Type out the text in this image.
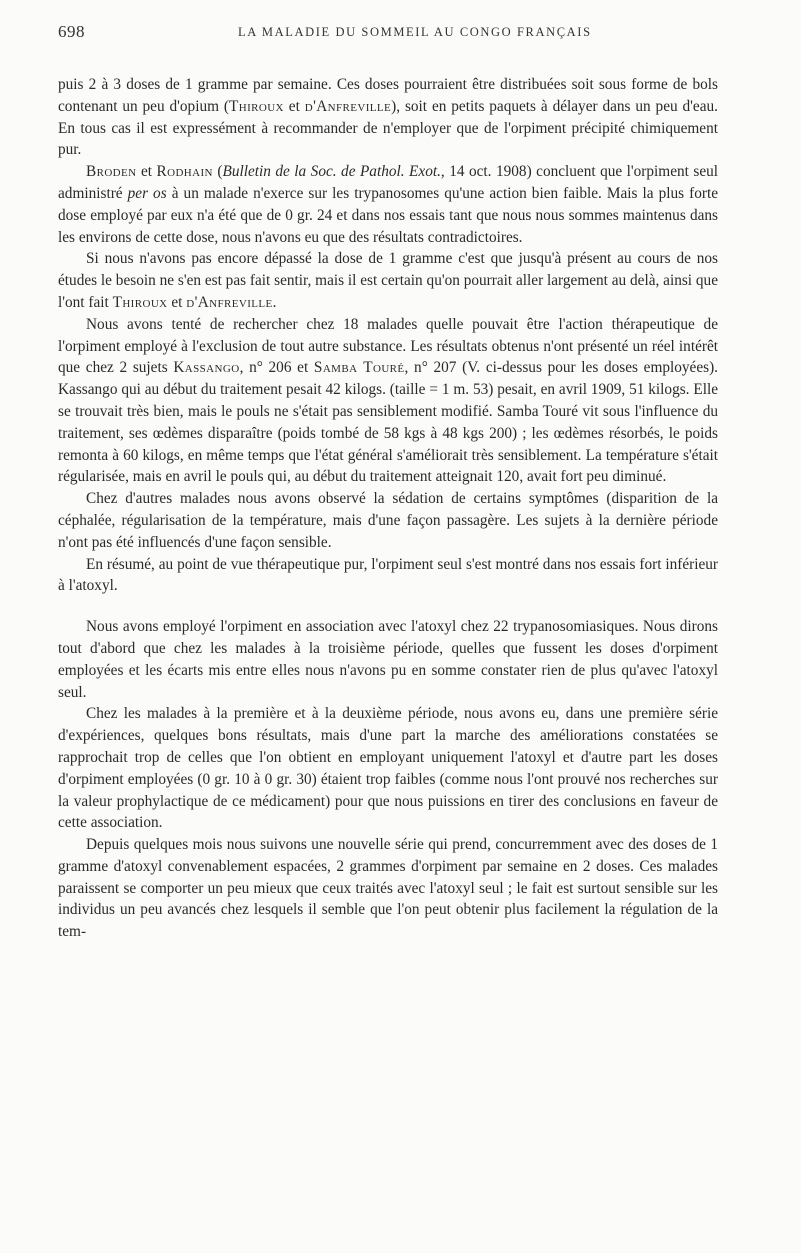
698	LA MALADIE DU SOMMEIL AU CONGO FRANÇAIS

puis 2 à 3 doses de 1 gramme par semaine. Ces doses pourraient être distribuées soit sous forme de bols contenant un peu d'opium (Thiroux et d'Anfreville), soit en petits paquets à délayer dans un peu d'eau. En tous cas il est expressément à recommander de n'employer que de l'orpiment précipité chimiquement pur.

Broden et Rodhain (Bulletin de la Soc. de Pathol. Exot., 14 oct. 1908) concluent que l'orpiment seul administré per os à un malade n'exerce sur les trypanosomes qu'une action bien faible. Mais la plus forte dose employé par eux n'a été que de 0 gr. 24 et dans nos essais tant que nous nous sommes maintenus dans les environs de cette dose, nous n'avons eu que des résultats contradictoires.

Si nous n'avons pas encore dépassé la dose de 1 gramme c'est que jusqu'à présent au cours de nos études le besoin ne s'en est pas fait sentir, mais il est certain qu'on pourrait aller largement au delà, ainsi que l'ont fait Thiroux et d'Anfreville.

Nous avons tenté de rechercher chez 18 malades quelle pouvait être l'action thérapeutique de l'orpiment employé à l'exclusion de tout autre substance. Les résultats obtenus n'ont présenté un réel intérêt que chez 2 sujets Kassango, n° 206 et Samba Touré, n° 207 (V. ci-dessus pour les doses employées). Kassango qui au début du traitement pesait 42 kilogs. (taille = 1 m. 53) pesait, en avril 1909, 51 kilogs. Elle se trouvait très bien, mais le pouls ne s'était pas sensiblement modifié. Samba Touré vit sous l'influence du traitement, ses œdèmes disparaître (poids tombé de 58 kgs à 48 kgs 200) ; les œdèmes résorbés, le poids remonta à 60 kilogs, en même temps que l'état général s'améliorait très sensiblement. La température s'était régularisée, mais en avril le pouls qui, au début du traitement atteignait 120, avait fort peu diminué.

Chez d'autres malades nous avons observé la sédation de certains symptômes (disparition de la céphalée, régularisation de la température, mais d'une façon passagère. Les sujets à la dernière période n'ont pas été influencés d'une façon sensible.

En résumé, au point de vue thérapeutique pur, l'orpiment seul s'est montré dans nos essais fort inférieur à l'atoxyl.

Nous avons employé l'orpiment en association avec l'atoxyl chez 22 trypanosomiasiques. Nous dirons tout d'abord que chez les malades à la troisième période, quelles que fussent les doses d'orpiment employées et les écarts mis entre elles nous n'avons pu en somme constater rien de plus qu'avec l'atoxyl seul.

Chez les malades à la première et à la deuxième période, nous avons eu, dans une première série d'expériences, quelques bons résultats, mais d'une part la marche des améliorations constatées se rapprochait trop de celles que l'on obtient en employant uniquement l'atoxyl et d'autre part les doses d'orpiment employées (0 gr. 10 à 0 gr. 30) étaient trop faibles (comme nous l'ont prouvé nos recherches sur la valeur prophylactique de ce médicament) pour que nous puissions en tirer des conclusions en faveur de cette association.

Depuis quelques mois nous suivons une nouvelle série qui prend, concurremment avec des doses de 1 gramme d'atoxyl convenablement espacées, 2 grammes d'orpiment par semaine en 2 doses. Ces malades paraissent se comporter un peu mieux que ceux traités avec l'atoxyl seul ; le fait est surtout sensible sur les individus un peu avancés chez lesquels il semble que l'on peut obtenir plus facilement la régulation de la tem-
